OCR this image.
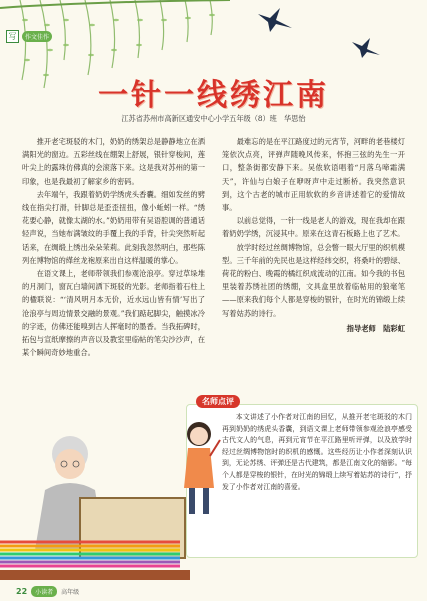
写	作文佳作
一针一线绣江南
江苏省苏州市高新区通安中心小学五年级（8）班　华思怡

推开老宅斑驳的木门，奶奶的绣架总是静静地立在洒满阳光的窗边。五彩丝线在绷架上舒展，银针穿梭间，莲叶尖上的露珠仿佛真的会滚落下来。这是我对苏州的第一印象，也是我最初了解家乡的密码。

去年端午，我跟着奶奶学绣虎头香囊。细如发丝的劈线在指尖打滑，针脚总是歪歪扭扭，像小蚯蚓一样。“绣花要心静，就像太湖的水。”奶奶用带有吴语腔调的普通话轻声说，当她布满皱纹的手覆上我的手背，针尖突然听起话来，在绸缎上绣出朵朵茉莉。此刻我忽然明白，那些陈列在博物馆的缂丝龙袍原来出自这样温暖的掌心。

在语文课上，老师带领我们参观沧浪亭。穿过草垛堆的月洞门，窗瓦白墙间洒下斑驳的光影。老师指着石柱上的楹联说：“‘清风明月本无价，近水远山皆有情’写出了沧浪亭与周边情景交融的景观。”我们踮起脚尖，触摸冰冷的字迹，仿佛还能嗅到古人挥毫时的墨香。当我拓碑时，拓包与宣纸摩擦的声音以及教室里临帖的笔尖沙沙声，在某个瞬间奇妙地重合。

最难忘的是在平江路度过的元宵节，河畔的老巷楼灯笼依次点亮，评弹声随晚风传来，怀抱三弦的先生一开口，整条街都安静下来。吴侬软语唱着“月落乌啼霜满天”，许仙与白娘子在咿呀声中走过断桥。我突然意识到，这个古老的城市正用软软的乡音讲述着它的爱情故事。

以前总觉得，一针一线是老人的游戏，现在我却在跟着奶奶学绣，沉浸其中。原来在这青石板路上也了艺术。

放学时经过丝绸博物馆，总会瞥一眼大厅里的织机模型。三千年前的先民也是这样经纬交织，将桑叶的碧绿、荷花的粉白、晚霞的橘红织成流动的江南。如今我的书包里装着苏绣社团的绣绷，文具盒里放着临帖用的狼毫笔——原来我们每个人都是穿梭的银针，在时光的锦缎上续写着姑苏的诗行。

指导老师　陆彩虹
名师点评

本文讲述了小作者对江南的回忆，从推开老宅斑驳的木门再到奶奶的绣虎头香囊，到语文课上老师带领参观沧浪亭感受古代文人的气息，再到元宵节在平江路里听评弹，以及放学时经过丝绸博物馆时的织机的感慨。这些经历让小作者深刻认识到，无论苏绣、评弹还是古代建筑，都是江南文化的缩影。“每个人都是穿梭的银针，在时光的锦缎上续写着姑苏的诗行”，抒发了小作者对江南的喜爱。

22	小读者	高年级
